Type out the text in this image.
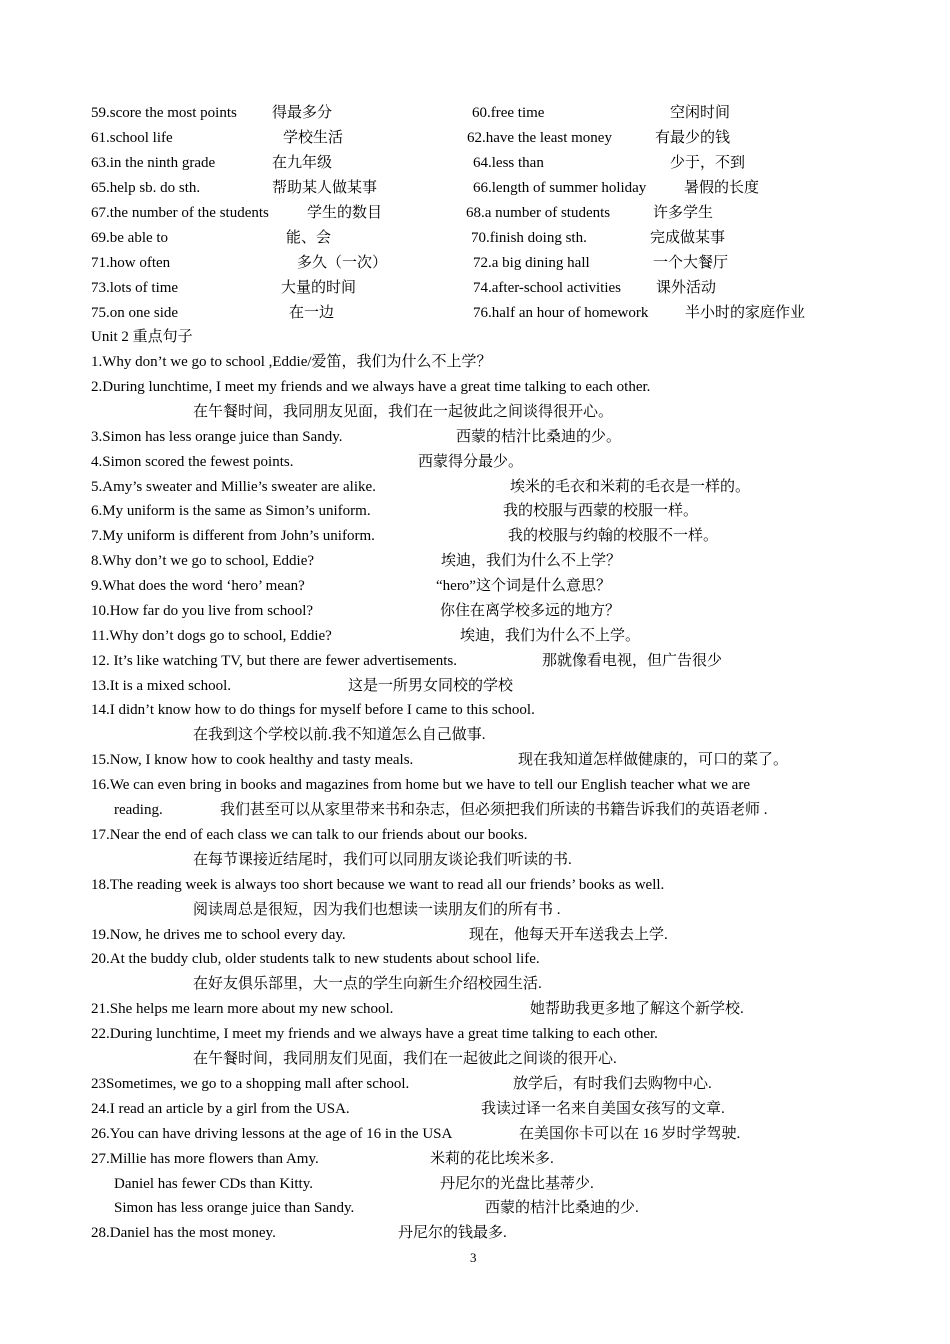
59.score the most points 得最多分	60.free time	空闲时间
61.school life	学校生活	62.have the least money	有最少的钱
63.in the ninth grade	在九年级	64.less than	少于，不到
65.help sb. do sth.	帮助某人做某事	66.length of summer holiday	暑假的长度
67.the number of the students	学生的数目	68.a number of students	许多学生
69.be able to	能、会	70.finish doing sth.	完成做某事
71.how often	多久（一次）	72.a big dining hall	一个大餐厅
73.lots of time	大量的时间	74.after-school activities 课外活动
75.on one side	在一边	76.half an hour of homework 半小时的家庭作业
Unit 2 重点句子
1.Why don’t we go to school ,Eddie/爱笛，我们为什么不上学？
2.During lunchtime, I meet my friends and we always have a great time talking to each other.
在午餐时间，我同朋友见面，我们在一起彼此之间谈得很开心。
3.Simon has less orange juice than Sandy.	西蒙的桔汁比桑迪的少。
4.Simon scored the fewest points.	西蒙得分最少。
5.Amy’s sweater and Millie’s sweater are alike.	埃米的毛衣和米莉的毛衣是一样的。
6.My uniform is the same as Simon’s uniform.	我的校服与西蒙的校服一样。
7.My uniform is different from John’s uniform.	我的校服与约翰的校服不一样。
8.Why don’t we go to school, Eddie?	埃迪，我们为什么不上学？
9.What does the word ‘hero’ mean?	“hero”这个词是什么意思？
10.How far do you live from school?	你住在离学校多远的地方？
11.Why don’t dogs go to school, Eddie?	埃迪，我们为什么不上学。
12. It’s like watching TV, but there are fewer advertisements.	那就像看电视，但广告很少
13.It is a mixed school.	这是一所男女同校的学校
14.I didn’t know how to do things for myself before I came to this school.
在我到这个学校以前.我不知道怎么自己做事.
15.Now, I know how to cook healthy and tasty meals.	现在我知道怎样做健康的，可口的菜了。
16.We can even bring in books and magazines from home but we have to tell our English teacher what we are
reading.	我们甚至可以从家里带来书和杂志，但必须把我们所读的书籍告诉我们的英语老师 .
17.Near the end of each class we can talk to our friends about our books.
在每节课接近结尾时，我们可以同朋友谈论我们听读的书.
18.The reading week is always too short because we want to read all our friends’ books as well.
阅读周总是很短，因为我们也想读一读朋友们的所有书 .
19.Now, he drives me to school every day.	现在，他每天开车送我去上学.
20.At the buddy club, older students talk to new students about school life.
在好友俱乐部里，大一点的学生向新生介绍校园生活.
21.She helps me learn more about my new school.	她帮助我更多地了解这个新学校.
22.During lunchtime, I meet my friends and we always have a great time talking to each other.
在午餐时间，我同朋友们见面，我们在一起彼此之间谈的很开心.
23Sometimes, we go to a shopping mall after school.	放学后，有时我们去购物中心.
24.I read an article by a girl from the USA.	我读过译一名来自美国女孩写的文章.
26.You can have driving lessons at the age of 16 in the USA	在美国你卡可以在 16 岁时学驾驶.
27.Millie has more flowers than Amy.	米莉的花比埃米多.
Daniel has fewer CDs than Kitty.	丹尼尔的光盘比基蒂少.
Simon has less orange juice than Sandy.	西蒙的桔汁比桑迪的少.
28.Daniel has the most money.	丹尼尔的钱最多.
3
